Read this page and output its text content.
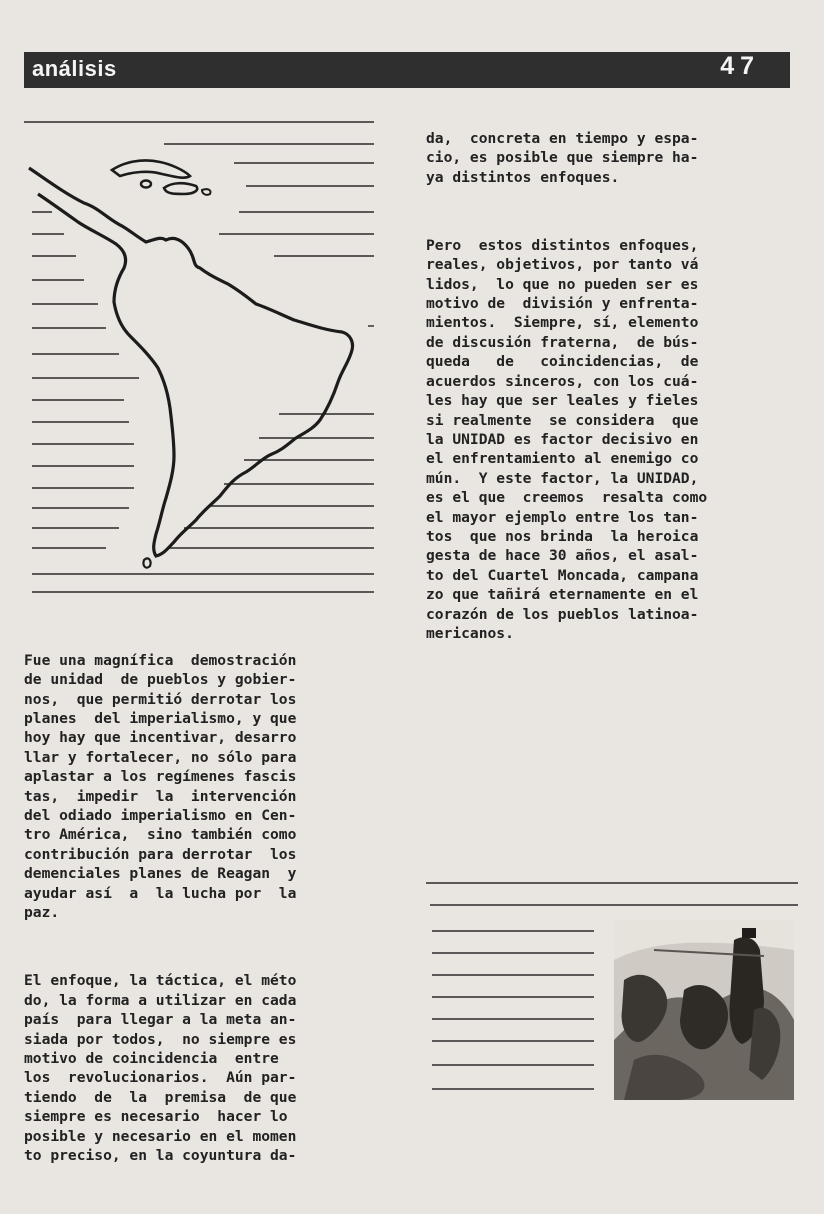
análisis	47

da,  concreta en tiempo y espa-
cio, es posible que siempre ha-
ya distintos enfoques.

Pero  estos distintos enfoques,
reales, objetivos, por tanto vá
lidos,  lo que no pueden ser es
motivo de  división y enfrenta-
mientos.  Siempre, sí, elemento
de discusión fraterna,  de bús-
queda   de   coincidencias,  de
acuerdos sinceros, con los cuá-
les hay que ser leales y fieles
si realmente  se considera  que
la UNIDAD es factor decisivo en
el enfrentamiento al enemigo co
mún.  Y este factor, la UNIDAD,
es el que  creemos  resalta como
el mayor ejemplo entre los tan-
tos  que nos brinda  la heroica
gesta de hace 30 años, el asal-
to del Cuartel Moncada, campana
zo que tañirá eternamente en el
corazón de los pueblos latinoa-
mericanos.

Fue una magnífica  demostración
de unidad  de pueblos y gobier-
nos,  que permitió derrotar los
planes  del imperialismo, y que
hoy hay que incentivar, desarro
llar y fortalecer, no sólo para
aplastar a los regímenes fascis
tas,  impedir  la  intervención
del odiado imperialismo en Cen-
tro América,  sino también como
contribución para derrotar  los
demenciales planes de Reagan  y
ayudar así  a  la lucha por  la
paz.

El enfoque, la táctica, el méto
do, la forma a utilizar en cada
país  para llegar a la meta an-
siada por todos,  no siempre es
motivo de coincidencia  entre
los  revolucionarios.  Aún par-
tiendo  de  la  premisa  de que
siempre es necesario  hacer lo
posible y necesario en el momen
to preciso, en la coyuntura da-
